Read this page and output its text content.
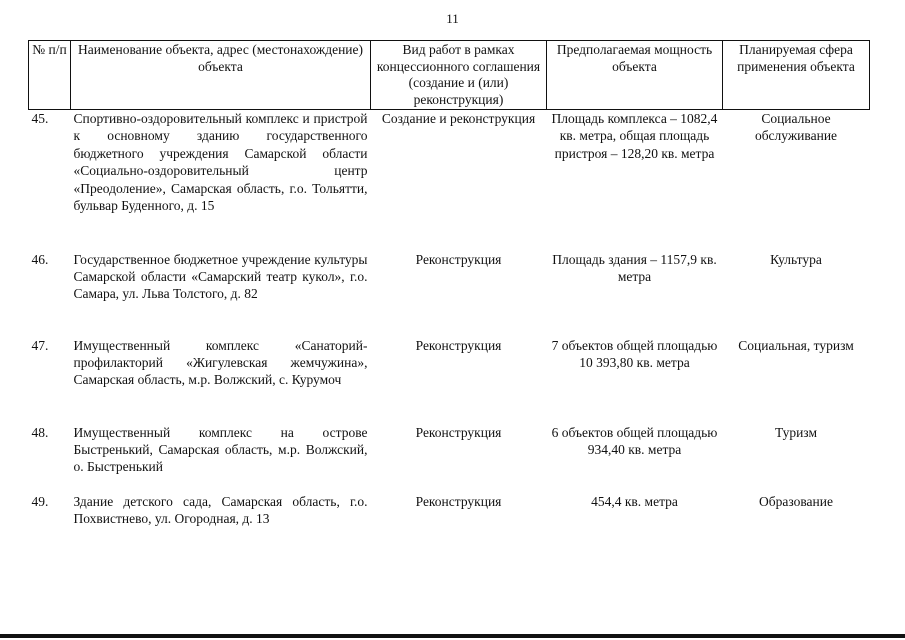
11
№ п/п	Наименование объекта, адрес (местонахождение) объекта	Вид работ в рамках концессионного соглашения (создание и (или) реконструкция)	Предполагаемая мощность объекта	Планируемая сфера применения объекта
45.	Спортивно-оздоровительный комплекс и пристрой к основному зданию государственного бюджетного учреждения Самарской области «Социально-оздоровительный центр «Преодоление», Самарская область, г.о. Тольятти, бульвар Буденного, д. 15	Создание и реконструкция	Площадь комплекса – 1082,4 кв. метра, общая площадь пристроя – 128,20 кв. метра	Социальное обслуживание
46.	Государственное бюджетное учреждение культуры Самарской области «Самарский театр кукол», г.о. Самара, ул. Льва Толстого, д. 82	Реконструкция	Площадь здания – 1157,9 кв. метра	Культура
47.	Имущественный комплекс «Санаторий-профилакторий «Жигулевская жемчужина», Самарская область, м.р. Волжский, с. Курумоч	Реконструкция	7 объектов общей площадью 10 393,80 кв. метра	Социальная, туризм
48.	Имущественный комплекс на острове Быстренький, Самарская область, м.р. Волжский, о. Быстренький	Реконструкция	6 объектов общей площадью 934,40 кв. метра	Туризм
49.	Здание детского сада, Самарская область, г.о. Похвистнево, ул. Огородная, д. 13	Реконструкция	454,4 кв. метра	Образование
